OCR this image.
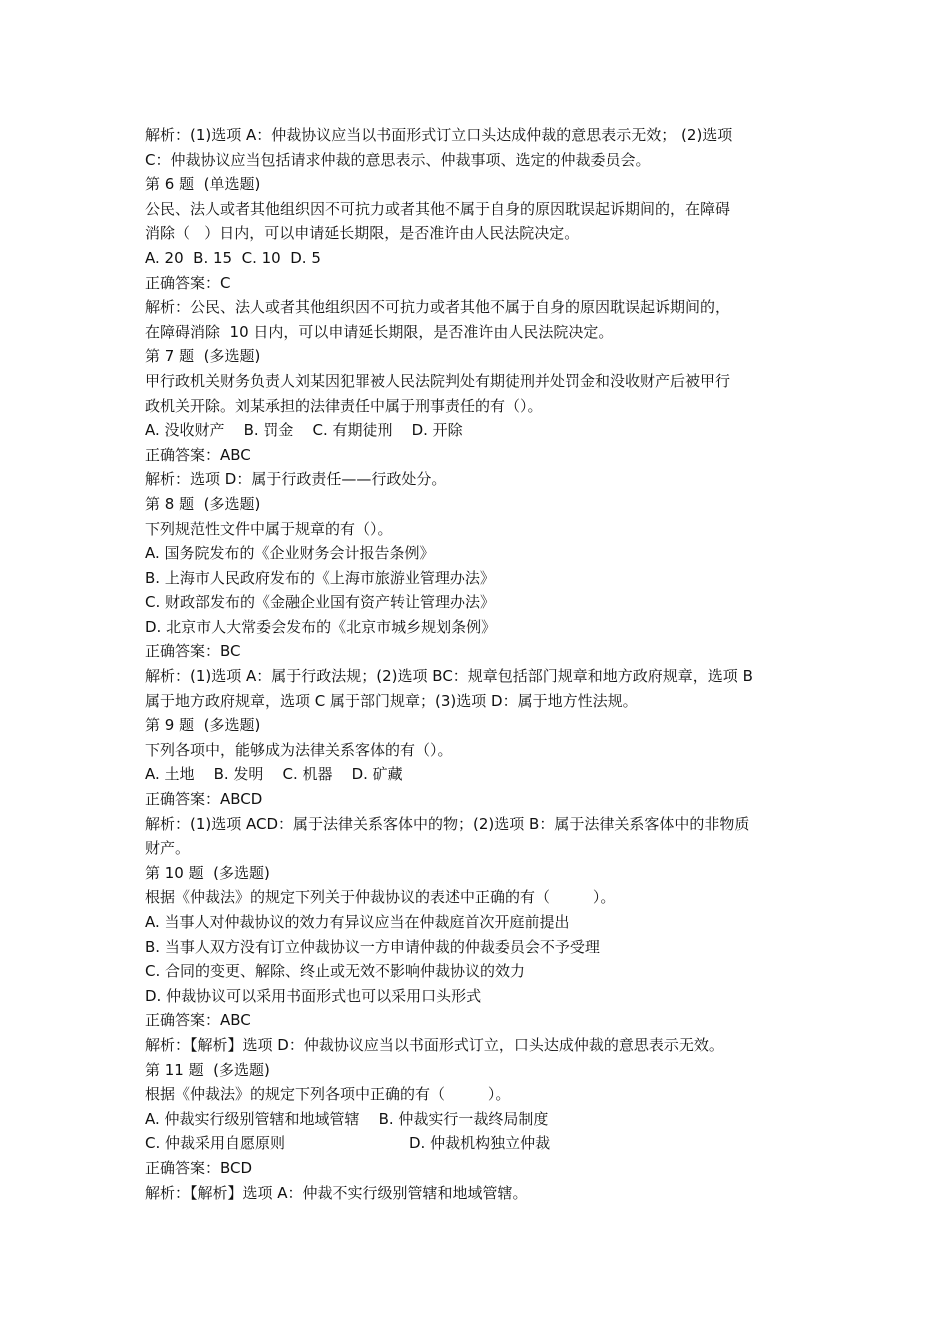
解析：(1)选项 A：仲裁协议应当以书面形式订立口头达成仲裁的意思表示无效； (2)选项

C：仲裁协议应当包括请求仲裁的意思表示、仲裁事项、选定的仲裁委员会。

第 6 题  (单选题)

公民、法人或者其他组织因不可抗力或者其他不属于自身的原因耽误起诉期间的，在障碍

消除（   ）日内，可以申请延长期限，是否准许由人民法院决定。

A. 20  B. 15  C. 10  D. 5

正确答案：C

解析：公民、法人或者其他组织因不可抗力或者其他不属于自身的原因耽误起诉期间的，

在障碍消除  10 日内，可以申请延长期限，是否准许由人民法院决定。

第 7 题  (多选题)

甲行政机关财务负责人刘某因犯罪被人民法院判处有期徒刑并处罚金和没收财产后被甲行

政机关开除。刘某承担的法律责任中属于刑事责任的有（）。

A. 没收财产    B. 罚金    C. 有期徒刑    D. 开除

正确答案：ABC

解析：选项 D：属于行政责任——行政处分。

第 8 题  (多选题)

下列规范性文件中属于规章的有（）。

A. 国务院发布的《企业财务会计报告条例》

B. 上海市人民政府发布的《上海市旅游业管理办法》

C. 财政部发布的《金融企业国有资产转让管理办法》

D. 北京市人大常委会发布的《北京市城乡规划条例》

正确答案：BC

解析：(1)选项 A：属于行政法规；(2)选项 BC：规章包括部门规章和地方政府规章，选项 B

属于地方政府规章，选项 C 属于部门规章；(3)选项 D：属于地方性法规。

第 9 题  (多选题)

下列各项中，能够成为法律关系客体的有（）。

A. 土地    B. 发明    C. 机器    D. 矿藏

正确答案：ABCD

解析：(1)选项 ACD：属于法律关系客体中的物；(2)选项 B：属于法律关系客体中的非物质

财产。

第 10 题  (多选题)

根据《仲裁法》的规定下列关于仲裁协议的表述中正确的有（         ）。

A. 当事人对仲裁协议的效力有异议应当在仲裁庭首次开庭前提出

B. 当事人双方没有订立仲裁协议一方申请仲裁的仲裁委员会不予受理

C. 合同的变更、解除、终止或无效不影响仲裁协议的效力

D. 仲裁协议可以采用书面形式也可以采用口头形式

正确答案：ABC

解析：【解析】选项 D：仲裁协议应当以书面形式订立，口头达成仲裁的意思表示无效。

第 11 题  (多选题)

根据《仲裁法》的规定下列各项中正确的有（         ）。

A. 仲裁实行级别管辖和地域管辖    B. 仲裁实行一裁终局制度

C. 仲裁采用自愿原则                          D. 仲裁机构独立仲裁

正确答案：BCD

解析：【解析】选项 A：仲裁不实行级别管辖和地域管辖。
